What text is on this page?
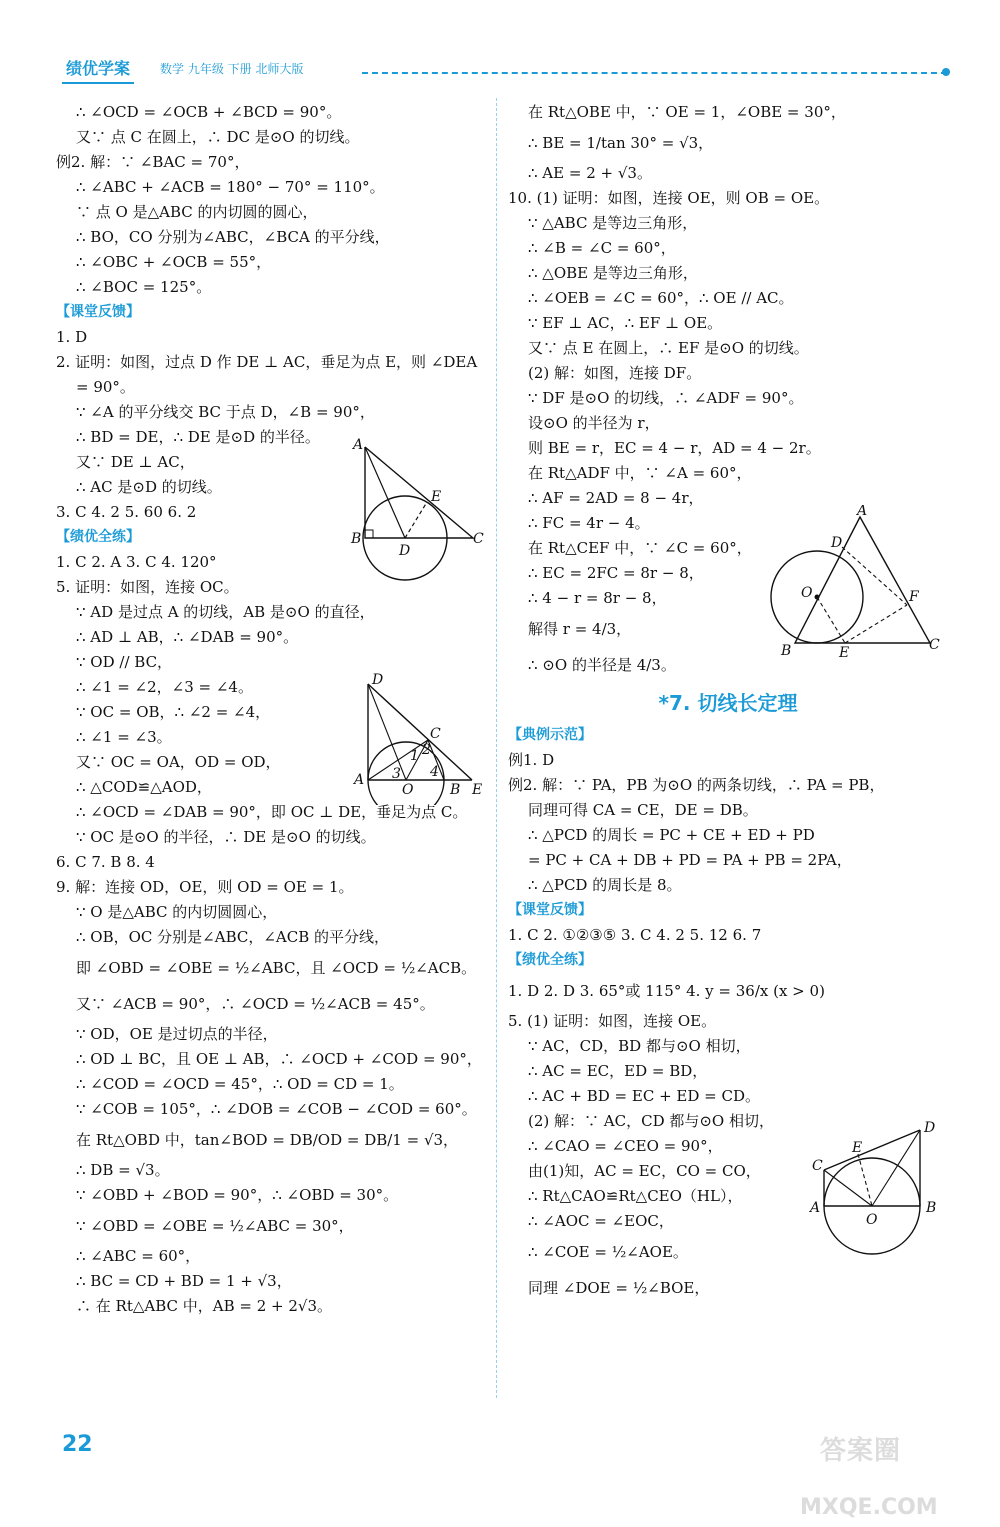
绩优学案	数学 九年级 下册 北师大版
∴ ∠OCD = ∠OCB + ∠BCD = 90°。
又∵ 点 C 在圆上，∴ DC 是⊙O 的切线。
例2. 解：∵ ∠BAC = 70°，
∴ ∠ABC + ∠ACB = 180° − 70° = 110°。
∵ 点 O 是△ABC 的内切圆的圆心，
∴ BO，CO 分别为∠ABC，∠BCA 的平分线，
∴ ∠OBC + ∠OCB = 55°，
∴ ∠BOC = 125°。
【课堂反馈】
1. D
2. 证明：如图，过点 D 作 DE ⊥ AC，垂足为点 E，则 ∠DEA
= 90°。
∵ ∠A 的平分线交 BC 于点 D，∠B = 90°，
∴ BD = DE，∴ DE 是⊙D 的半径。
又∵ DE ⊥ AC，
∴ AC 是⊙D 的切线。
3. C 4. 2 5. 60 6. 2
【绩优全练】
1. C 2. A 3. C 4. 120°
5. 证明：如图，连接 OC。
∵ AD 是过点 A 的切线，AB 是⊙O 的直径，
∴ AD ⊥ AB，∴ ∠DAB = 90°。
∵ OD // BC，
∴ ∠1 = ∠2，∠3 = ∠4。
∵ OC = OB，∴ ∠2 = ∠4，
∴ ∠1 = ∠3。
又∵ OC = OA，OD = OD，
∴ △COD≌△AOD，
∴ ∠OCD = ∠DAB = 90°，即 OC ⊥ DE，垂足为点 C。
∵ OC 是⊙O 的半径，∴ DE 是⊙O 的切线。
6. C 7. B 8. 4
9. 解：连接 OD，OE，则 OD = OE = 1。
∵ O 是△ABC 的内切圆圆心，
∴ OB，OC 分别是∠ABC，∠ACB 的平分线，
即 ∠OBD = ∠OBE = ½∠ABC，且 ∠OCD = ½∠ACB。
又∵ ∠ACB = 90°，∴ ∠OCD = ½∠ACB = 45°。
∵ OD，OE 是过切点的半径，
∴ OD ⊥ BC，且 OE ⊥ AB，∴ ∠OCD + ∠COD = 90°，
∴ ∠COD = ∠OCD = 45°，∴ OD = CD = 1。
∵ ∠COB = 105°，∴ ∠DOB = ∠COB − ∠COD = 60°。
在 Rt△OBD 中，tan∠BOD = DB/OD = DB/1 = √3，
∴ DB = √3。
∵ ∠OBD + ∠BOD = 90°，∴ ∠OBD = 30°。
∵ ∠OBD = ∠OBE = ½∠ABC = 30°，
∴ ∠ABC = 60°，
∴ BC = CD + BD = 1 + √3，
∴ 在 Rt△ABC 中，AB = 2 + 2√3。
在 Rt△OBE 中，∵ OE = 1，∠OBE = 30°，
∴ BE = 1/tan 30° = √3，
∴ AE = 2 + √3。
10. (1) 证明：如图，连接 OE，则 OB = OE。
∵ △ABC 是等边三角形，
∴ ∠B = ∠C = 60°，
∴ △OBE 是等边三角形，
∴ ∠OEB = ∠C = 60°，∴ OE // AC。
∵ EF ⊥ AC，∴ EF ⊥ OE。
又∵ 点 E 在圆上，∴ EF 是⊙O 的切线。
(2) 解：如图，连接 DF。
∵ DF 是⊙O 的切线，∴ ∠ADF = 90°。
设⊙O 的半径为 r，
则 BE = r，EC = 4 − r，AD = 4 − 2r。
在 Rt△ADF 中，∵ ∠A = 60°，
∴ AF = 2AD = 8 − 4r，
∴ FC = 4r − 4。
在 Rt△CEF 中，∵ ∠C = 60°，
∴ EC = 2FC = 8r − 8，
∴ 4 − r = 8r − 8，
解得 r = 4/3，
∴ ⊙O 的半径是 4/3。
*7. 切线长定理
【典例示范】
例1. D
例2. 解：∵ PA，PB 为⊙O 的两条切线，∴ PA = PB，
同理可得 CA = CE，DE = DB。
∴ △PCD 的周长 = PC + CE + ED + PD
= PC + CA + DB + PD = PA + PB = 2PA，
∴ △PCD 的周长是 8。
【课堂反馈】
1. C 2. ①②③⑤ 3. C 4. 2 5. 12 6. 7
【绩优全练】
1. D 2. D 3. 65°或 115° 4. y = 36/x (x > 0)
5. (1) 证明：如图，连接 OE。
∵ AC，CD，BD 都与⊙O 相切，
∴ AC = EC，ED = BD，
∴ AC + BD = EC + ED = CD。
(2) 解：∵ AC，CD 都与⊙O 相切，
∴ ∠CAO = ∠CEO = 90°，
由(1)知，AC = EC，CO = CO，
∴ Rt△CAO≌Rt△CEO（HL），
∴ ∠AOC = ∠EOC，
∴ ∠COE = ½∠AOE。
同理 ∠DOE = ½∠BOE，
A
E
B
D
C
D
C
2
1
3 4
A
O	B E
A
D
O	F
B	E	C
E
D
C
A
O
B
22	答案圈
MXQE.COM
